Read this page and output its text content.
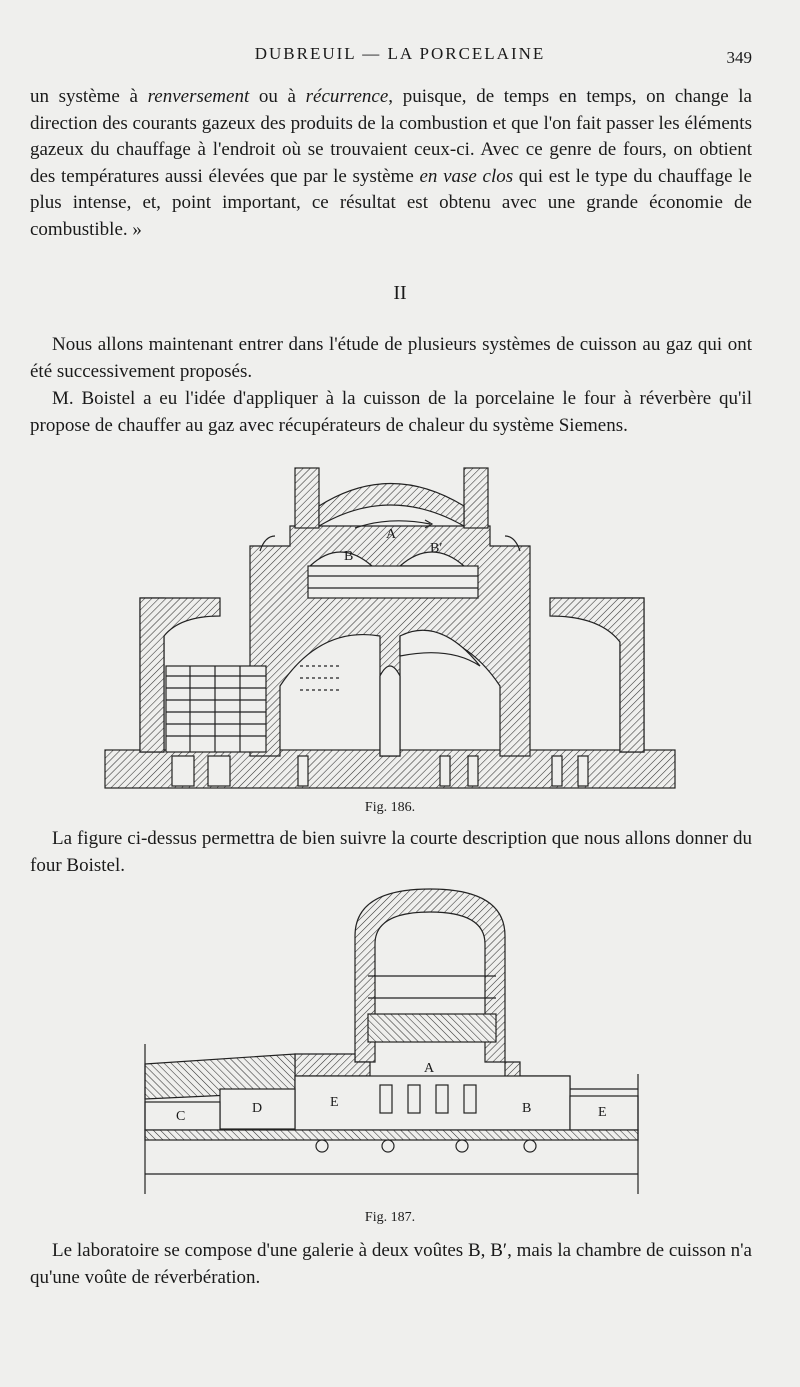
DUBREUIL — LA PORCELAINE	349

un système à renversement ou à récurrence, puisque, de temps en temps, on change la direction des courants gazeux des produits de la combustion et que l'on fait passer les éléments gazeux du chauffage à l'endroit où se trouvaient ceux-ci. Avec ce genre de fours, on obtient des températures aussi élevées que par le système en vase clos qui est le type du chauffage le plus intense, et, point important, ce résultat est obtenu avec une grande économie de combustible. »

II

Nous allons maintenant entrer dans l'étude de plusieurs systèmes de cuisson au gaz qui ont été successivement proposés.

M. Boistel a eu l'idée d'appliquer à la cuisson de la porcelaine le four à réverbère qu'il propose de chauffer au gaz avec récupérateurs de chaleur du système Siemens.

A
B
B′
Fig. 186.

La figure ci-dessus permettra de bien suivre la courte description que nous allons donner du four Boistel.

A
B
C
D	E
E
Fig. 187.

Le laboratoire se compose d'une galerie à deux voûtes B, B′, mais la chambre de cuisson n'a qu'une voûte de réverbération.
